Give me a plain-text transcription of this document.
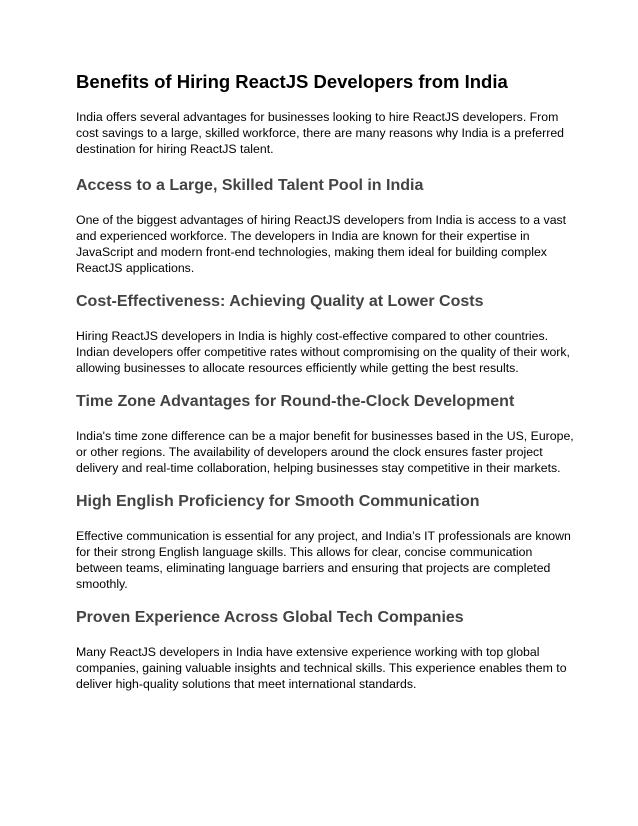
Benefits of Hiring ReactJS Developers from India

India offers several advantages for businesses looking to hire ReactJS developers. From cost savings to a large, skilled workforce, there are many reasons why India is a preferred destination for hiring ReactJS talent.

Access to a Large, Skilled Talent Pool in India

One of the biggest advantages of hiring ReactJS developers from India is access to a vast and experienced workforce. The developers in India are known for their expertise in JavaScript and modern front-end technologies, making them ideal for building complex ReactJS applications.

Cost-Effectiveness: Achieving Quality at Lower Costs

Hiring ReactJS developers in India is highly cost-effective compared to other countries. Indian developers offer competitive rates without compromising on the quality of their work, allowing businesses to allocate resources efficiently while getting the best results.

Time Zone Advantages for Round-the-Clock Development

India's time zone difference can be a major benefit for businesses based in the US, Europe, or other regions. The availability of developers around the clock ensures faster project delivery and real-time collaboration, helping businesses stay competitive in their markets.

High English Proficiency for Smooth Communication

Effective communication is essential for any project, and India’s IT professionals are known for their strong English language skills. This allows for clear, concise communication between teams, eliminating language barriers and ensuring that projects are completed smoothly.

Proven Experience Across Global Tech Companies

Many ReactJS developers in India have extensive experience working with top global companies, gaining valuable insights and technical skills. This experience enables them to deliver high-quality solutions that meet international standards.
